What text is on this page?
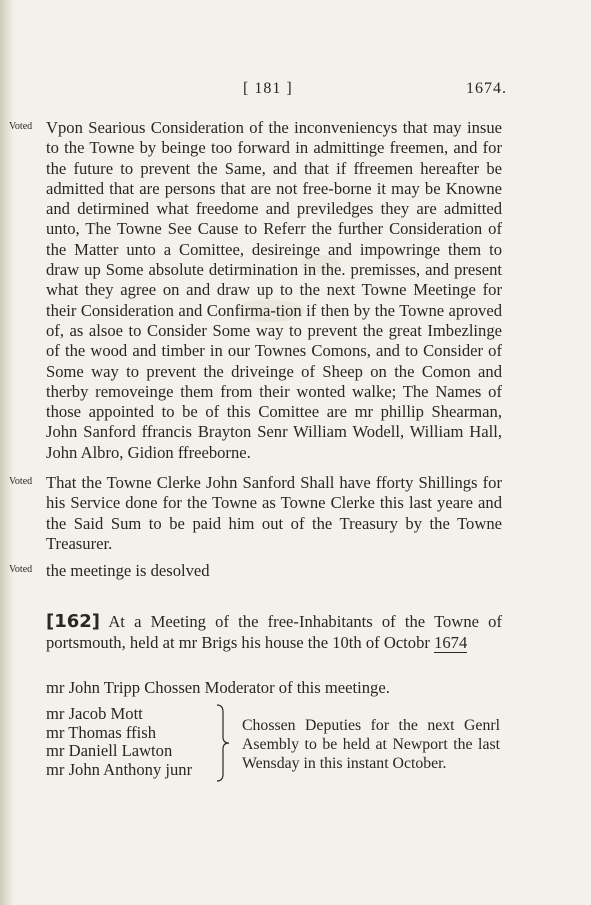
[ 181 ]	1674.
Voted Vpon Searious Consideration of the inconveniencys that may insue to the Towne by beinge too forward in admittinge freemen, and for the future to prevent the Same, and that if ffreemen hereafter be admitted that are persons that are not free-borne it may be Knowne and detirmined what freedome and previledges they are admitted unto, The Towne See Cause to Referr the further Consideration of the Matter unto a Comittee, desireinge and impowringe them to draw up Some absolute detirmination in the. premisses, and present what they agree on and draw up to the next Towne Meetinge for their Consideration and Confirma-tion if then by the Towne aproved of, as alsoe to Consider Some way to prevent the great Imbezlinge of the wood and timber in our Townes Comons, and to Consider of Some way to prevent the driveinge of Sheep on the Comon and therby removeinge them from their wonted walke; The Names of those appointed to be of this Comittee are mr phillip Shearman, John Sanford ffrancis Brayton Senr William Wodell, William Hall, John Albro, Gidion ffreeborne.

Voted That the Towne Clerke John Sanford Shall have fforty Shillings for his Service done for the Towne as Towne Clerke this last yeare and the Said Sum to be paid him out of the Treasury by the Towne Treasurer.

Voted the meetinge is desolved

[162] At a Meeting of the free-Inhabitants of the Towne of portsmouth, held at mr Brigs his house the 10th of Octobr 1674

mr John Tripp Chossen Moderator of this meetinge.
mr Jacob Mott
mr Thomas ffish
mr Daniell Lawton
mr John Anthony junr
Chossen Deputies for the next Genrl Asembly to be held at Newport the last Wensday in this instant October.
